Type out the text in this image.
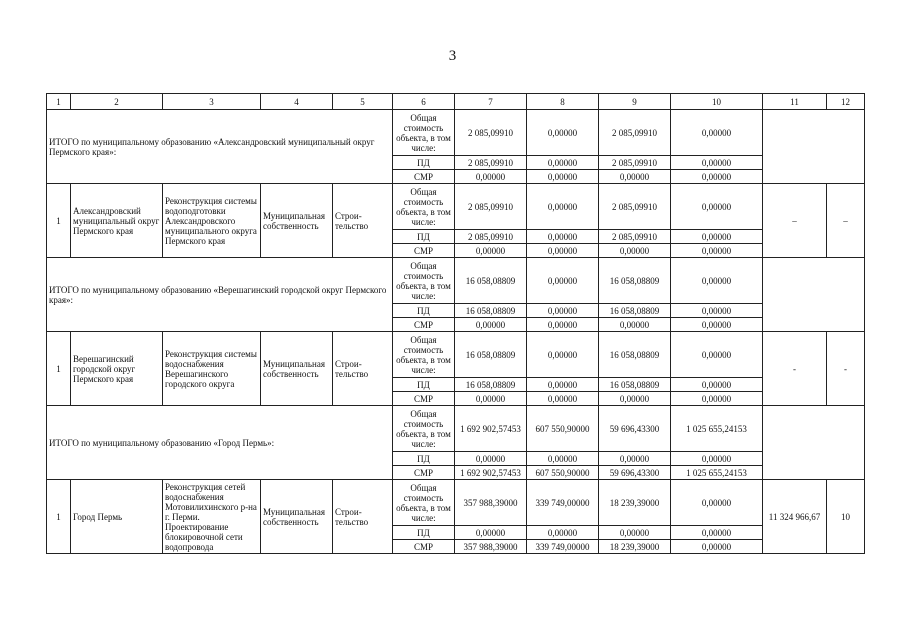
3
1	2	3	4	5	6	7	8	9	10	11	12
ИТОГО по муниципальному образованию «Александровский муниципальный округ Пермского края»:					Общая стоимость объекта, в том числе:	2 085,09910	0,00000	2 085,09910	0,00000		
					ПД	2 085,09910	0,00000	2 085,09910	0,00000		
					СМР	0,00000	0,00000	0,00000	0,00000		
1	Александровский муниципальный округ Пермского края	Реконструкция системы водоподготовки Александровского муниципального округа Пермского края	Муниципальная собственность	Строи-тельство	Общая стоимость объекта, в том числе:	2 085,09910	0,00000	2 085,09910	0,00000	–	–
					ПД	2 085,09910	0,00000	2 085,09910	0,00000		
					СМР	0,00000	0,00000	0,00000	0,00000		
ИТОГО по муниципальному образованию «Верешагинский городской округ Пермского края»:					Общая стоимость объекта, в том числе:	16 058,08809	0,00000	16 058,08809	0,00000		
					ПД	16 058,08809	0,00000	16 058,08809	0,00000		
					СМР	0,00000	0,00000	0,00000	0,00000		
1	Верешагинский городской округ Пермского края	Реконструкция системы водоснабжения Верешагинского городского округа	Муниципальная собственность	Строи-тельство	Общая стоимость объекта, в том числе:	16 058,08809	0,00000	16 058,08809	0,00000	-	-
					ПД	16 058,08809	0,00000	16 058,08809	0,00000		
					СМР	0,00000	0,00000	0,00000	0,00000		
ИТОГО по муниципальному образованию «Город Пермь»:					Общая стоимость объекта, в том числе:	1 692 902,57453	607 550,90000	59 696,43300	1 025 655,24153		
					ПД	0,00000	0,00000	0,00000	0,00000		
					СМР	1 692 902,57453	607 550,90000	59 696,43300	1 025 655,24153		
1	Город Пермь	Реконструкция сетей водоснабжения Мотовилихинского р-на г. Перми. Проектирование блокировочной сети водопровода	Муниципальная собственность	Строи-тельство	Общая стоимость объекта, в том числе:	357 988,39000	339 749,00000	18 239,39000	0,00000	11 324 966,67	10
					ПД	0,00000	0,00000	0,00000	0,00000		
					СМР	357 988,39000	339 749,00000	18 239,39000	0,00000		
